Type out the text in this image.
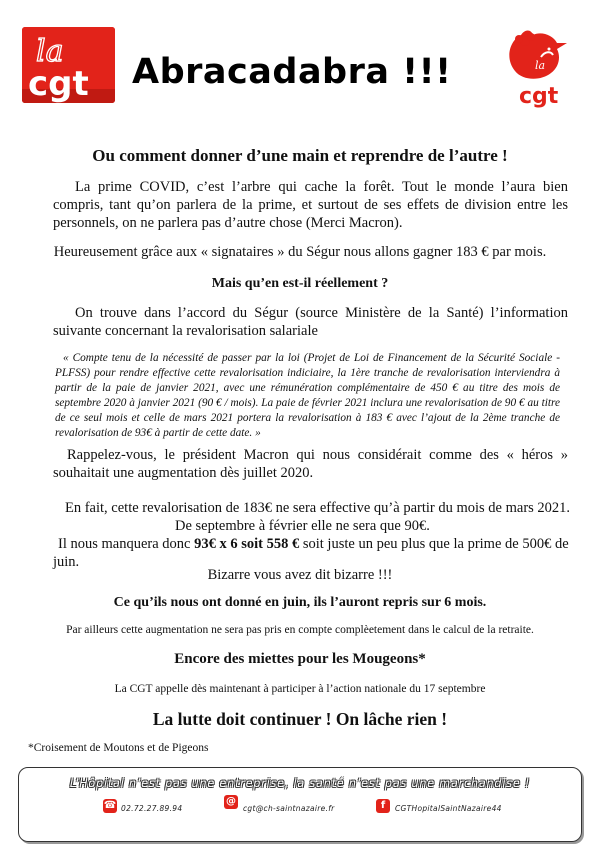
la
cgt Abracadabra !!!	la
cgt
Ou comment donner d’une main et reprendre de l’autre !
La prime COVID, c’est l’arbre qui cache la forêt. Tout le monde l’aura bien compris, tant qu’on parlera de la prime, et surtout de ses effets de division entre les personnels, on ne parlera pas d’autre chose (Merci Macron).
Heureusement grâce aux « signataires » du Ségur nous allons gagner 183 € par mois.
Mais qu’en est-il réellement ?
On trouve dans l’accord du Ségur (source Ministère de la Santé) l’information suivante concernant la revalorisation salariale
« Compte tenu de la nécessité de passer par la loi (Projet de Loi de Financement de la Sécurité Sociale - PLFSS) pour rendre effective cette revalorisation indiciaire, la 1ère tranche de revalorisation interviendra à partir de la paie de janvier 2021, avec une rémunération complémentaire de 450 € au titre des mois de septembre 2020 à janvier 2021 (90 € / mois). La paie de février 2021 inclura une revalorisation de 90 € au titre de ce seul mois et celle de mars 2021 portera la revalorisation à 183 € avec l’ajout de la 2ème tranche de revalorisation de 93€ à partir de cette date. »
Rappelez-vous, le président Macron qui nous considérait comme des « héros » souhaitait une augmentation dès juillet 2020.
En fait, cette revalorisation de 183€ ne sera effective qu’à partir du mois de mars 2021.
De septembre à février elle ne sera que 90€.
Il nous manquera donc 93€ x 6 soit 558 € soit juste un peu plus que la prime de 500€ de
juin.
Bizarre vous avez dit bizarre !!!
Ce qu’ils nous ont donné en juin, ils l’auront repris sur 6 mois.
Par ailleurs cette augmentation ne sera pas pris en compte complèetement dans le calcul de la retraite.
Encore des miettes pour les Mougeons*
La CGT appelle dès maintenant à participer à l’action nationale du 17 septembre
La lutte doit continuer ! On lâche rien !
*Croisement de Moutons et de Pigeons
L’Hôpital n’est pas une entreprise, la santé n’est pas une marchandise !
☎ 02.72.27.89.94
@
cgt@ch-saintnazaire.fr	f	CGTHopitalSaintNazaire44
